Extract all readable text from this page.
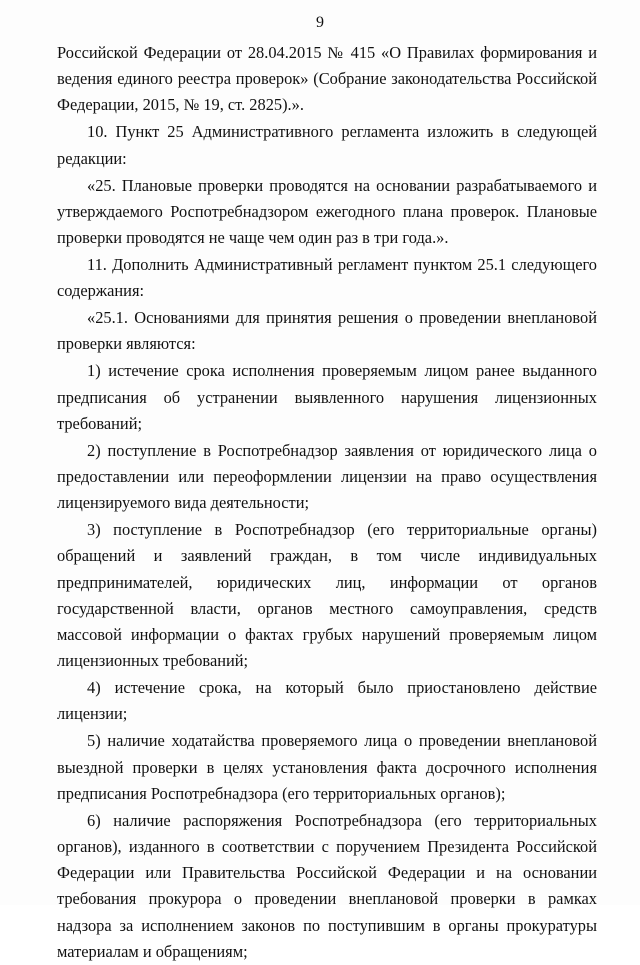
9

Российской Федерации от 28.04.2015 № 415 «О Правилах формирования и ведения единого реестра проверок» (Собрание законодательства Российской Федерации, 2015, № 19, ст. 2825).».

10. Пункт 25 Административного регламента изложить в следующей редакции:

«25. Плановые проверки проводятся на основании разрабатываемого и утверждаемого Роспотребнадзором ежегодного плана проверок. Плановые проверки проводятся не чаще чем один раз в три года.».

11. Дополнить Административный регламент пунктом 25.1 следующего содержания:

«25.1. Основаниями для принятия решения о проведении внеплановой проверки являются:

1) истечение срока исполнения проверяемым лицом ранее выданного предписания об устранении выявленного нарушения лицензионных требований;

2) поступление в Роспотребнадзор заявления от юридического лица о предоставлении или переоформлении лицензии на право осуществления лицензируемого вида деятельности;

3) поступление в Роспотребнадзор (его территориальные органы) обращений и заявлений граждан, в том числе индивидуальных предпринимателей, юридических лиц, информации от органов государственной власти, органов местного самоуправления, средств массовой информации о фактах грубых нарушений проверяемым лицом лицензионных требований;

4) истечение срока, на который было приостановлено действие лицензии;

5) наличие ходатайства проверяемого лица о проведении внеплановой выездной проверки в целях установления факта досрочного исполнения предписания Роспотребнадзора (его территориальных органов);

6) наличие распоряжения Роспотребнадзора (его территориальных органов), изданного в соответствии с поручением Президента Российской Федерации или Правительства Российской Федерации и на основании требования прокурора о проведении внеплановой проверки в рамках надзора за исполнением законов по поступившим в органы прокуратуры материалам и обращениям;
